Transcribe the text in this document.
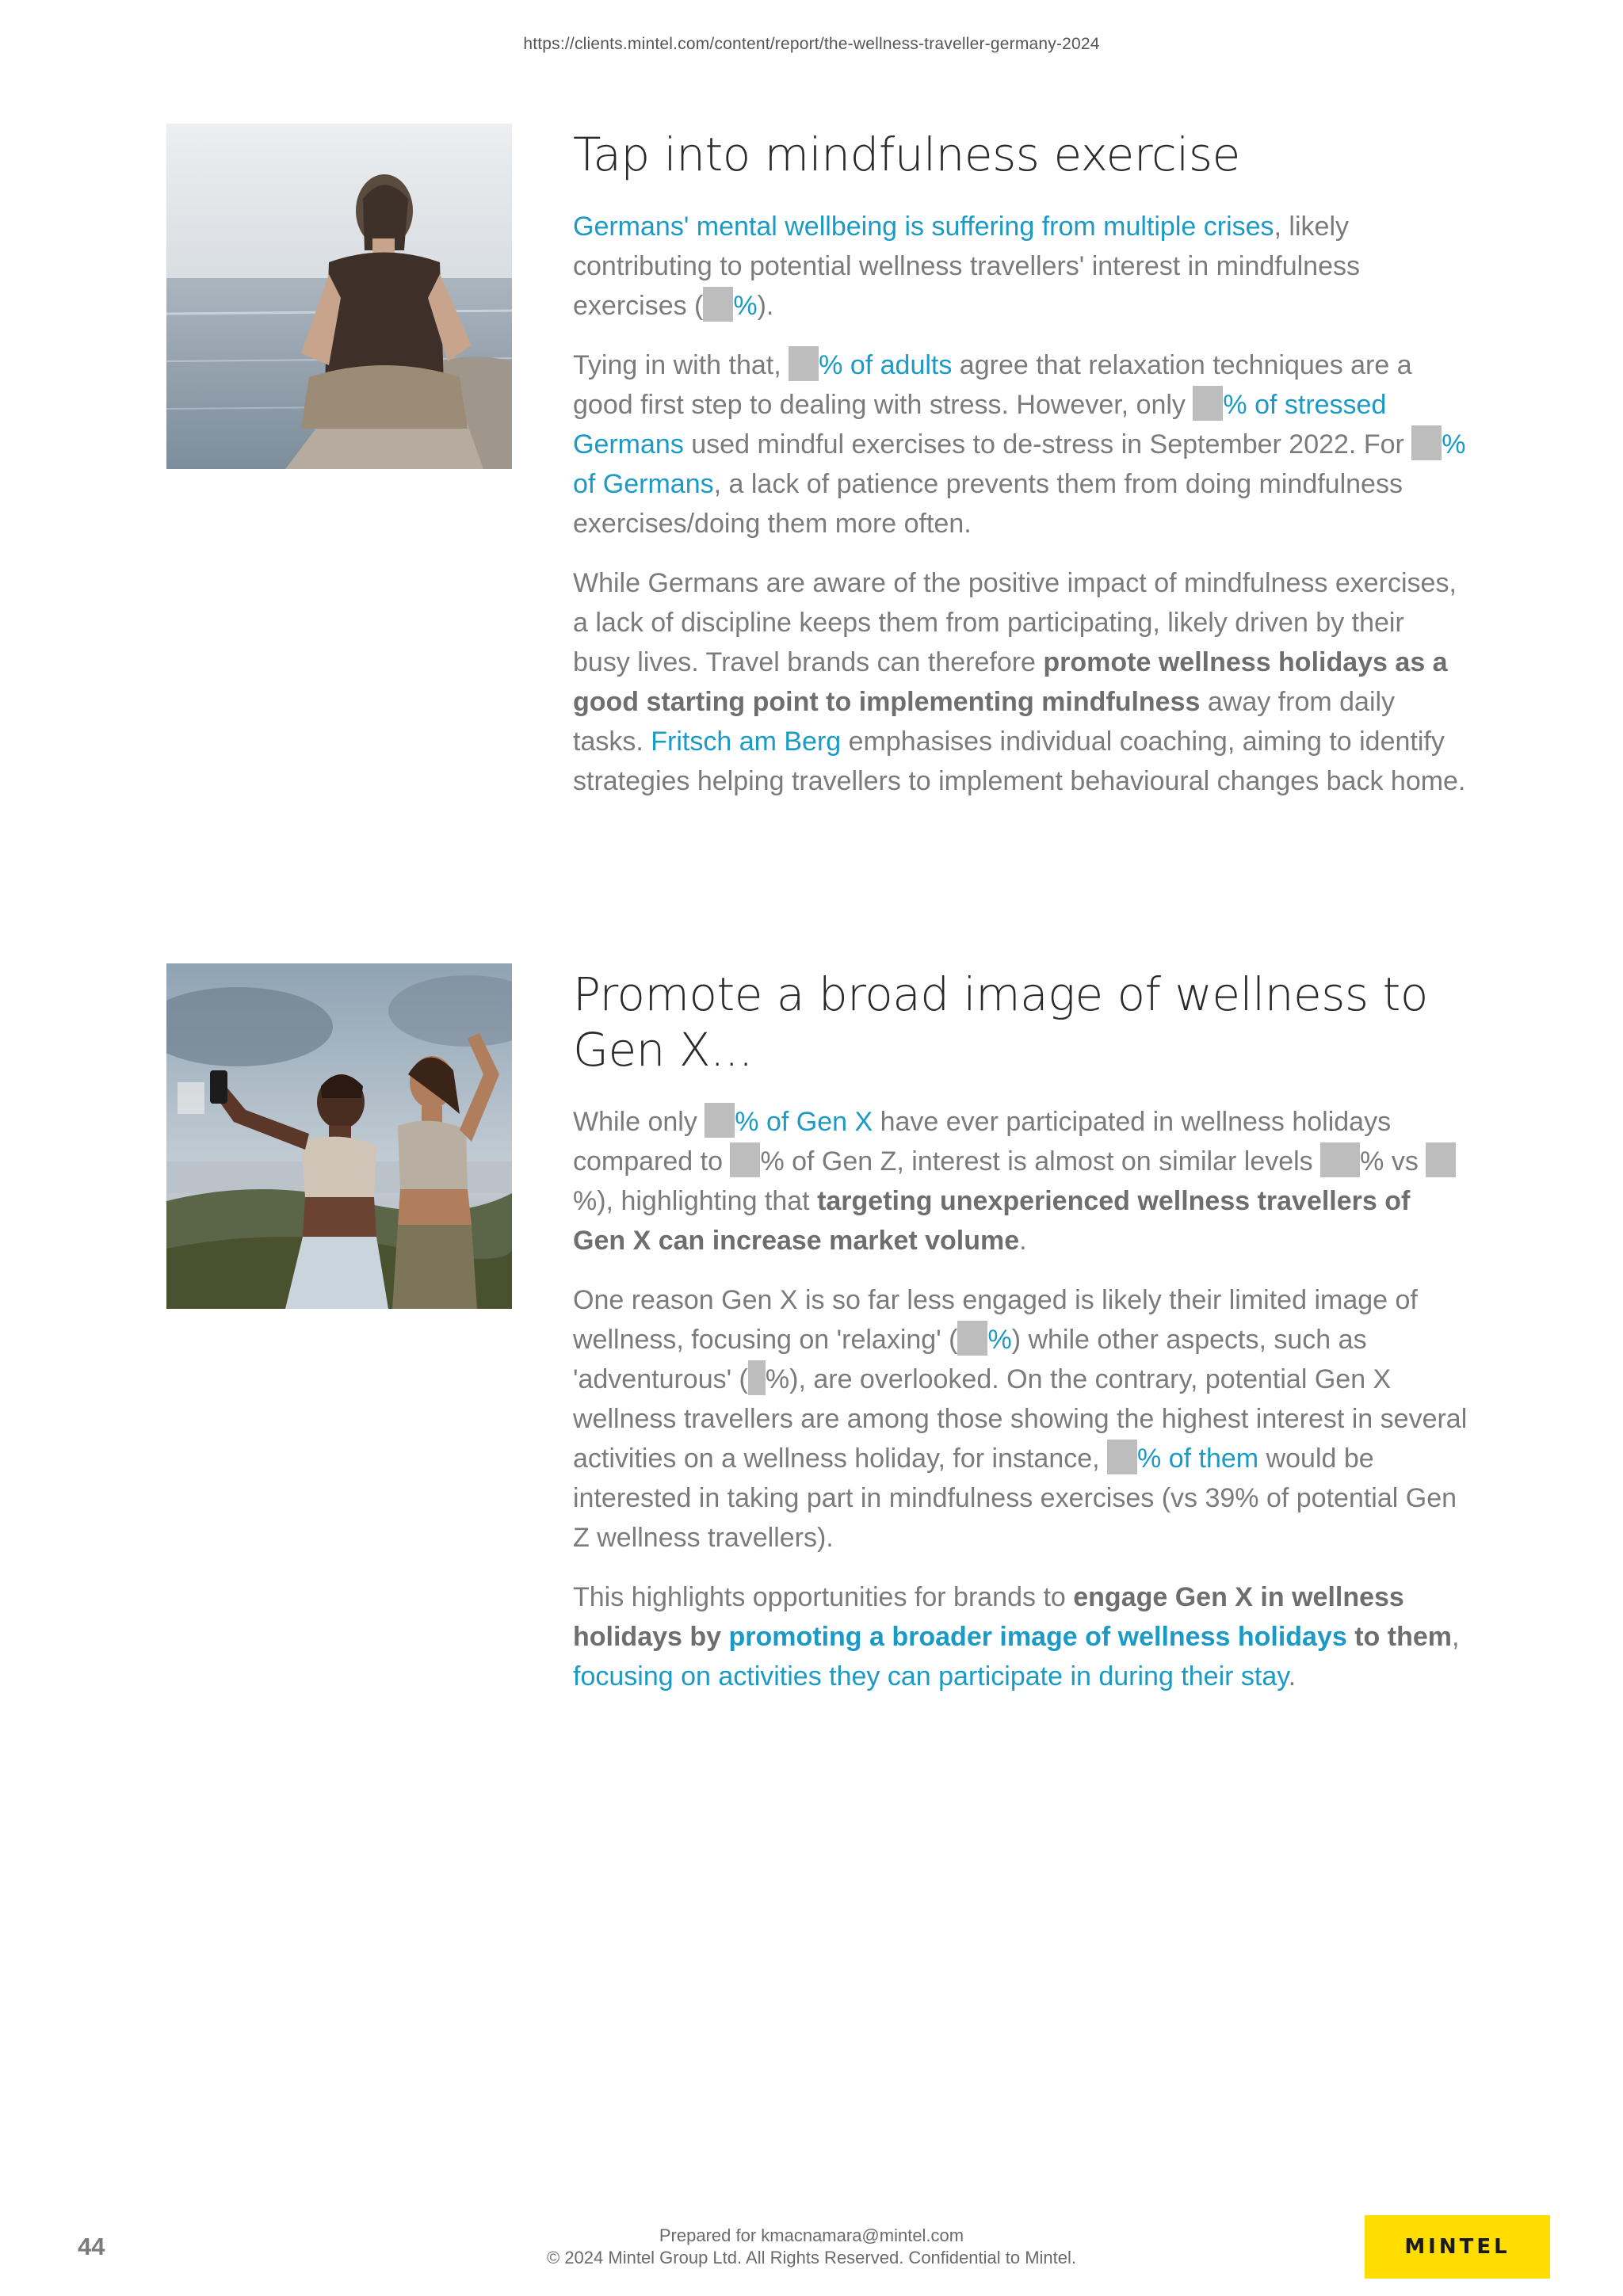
https://clients.mintel.com/content/report/the-wellness-traveller-germany-2024
Tap into mindfulness exercise

Germans' mental wellbeing is suffering from multiple crises, likely contributing to potential wellness travellers' interest in mindfulness exercises ( %).

Tying in with that, % of adults agree that relaxation techniques are a good first step to dealing with stress. However, only % of stressed Germans used mindful exercises to de-stress in September 2022. For % of Germans, a lack of patience prevents them from doing mindfulness exercises/doing them more often.

While Germans are aware of the positive impact of mindfulness exercises, a lack of discipline keeps them from participating, likely driven by their busy lives. Travel brands can therefore promote wellness holidays as a good starting point to implementing mindfulness away from daily tasks. Fritsch am Berg emphasises individual coaching, aiming to identify strategies helping travellers to implement behavioural changes back home.

Promote a broad image of wellness to Gen X...

While only % of Gen X have ever participated in wellness holidays compared to % of Gen Z, interest is almost on similar levels % vs %), highlighting that targeting unexperienced wellness travellers of Gen X can increase market volume.

One reason Gen X is so far less engaged is likely their limited image of wellness, focusing on 'relaxing' ( %) while other aspects, such as 'adventurous' ( %), are overlooked. On the contrary, potential Gen X wellness travellers are among those showing the highest interest in several activities on a wellness holiday, for instance, % of them would be interested in taking part in mindfulness exercises (vs 39% of potential Gen Z wellness travellers).

This highlights opportunities for brands to engage Gen X in wellness holidays by promoting a broader image of wellness holidays to them, focusing on activities they can participate in during their stay.

44	Prepared for kmacnamara@mintel.com
© 2024 Mintel Group Ltd. All Rights Reserved. Confidential to Mintel.	MINTEL
